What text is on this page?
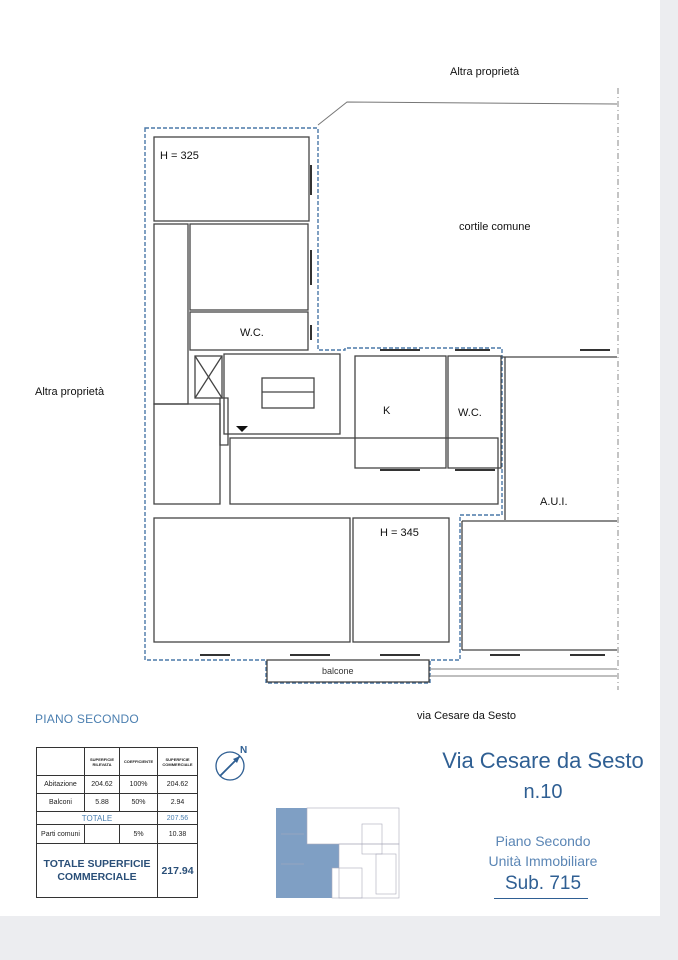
Altra proprietà
Altra proprietà
cortile comune
H = 325
H = 345
W.C.
W.C.
K
A.U.I.
balcone
PIANO SECONDO	via Cesare da Sesto
	SUPERFICIE RILEVATA	COEFFICIENTE	SUPERFICIE COMMERCIALE
Abitazione	204.62	100%	204.62
Balconi	5.88	50%	2.94
TOTALE			207.56
Parti comuni		5%	10.38
TOTALE SUPERFICIE COMMERCIALE			217.94
N	Via Cesare da Sesto
n.10
Piano Secondo
Unità Immobiliare
Sub. 715
